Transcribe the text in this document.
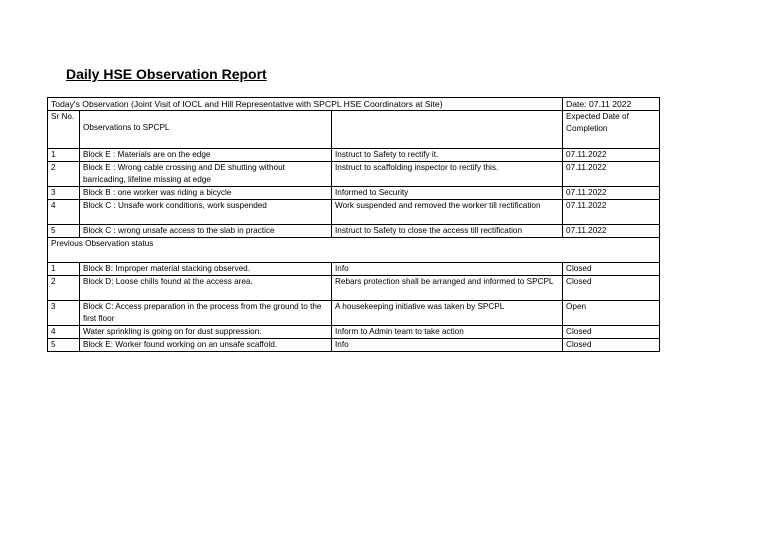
Daily HSE Observation Report
Today's Observation (Joint Visit of IOCL and Hill Representative with SPCPL HSE Coordinators at Site)			Date: 07.11 2022
Sr No.	Observations to SPCPL		Expected Date of Completion
1	Block E : Materials are on the edge	Instruct to Safety to rectify it.	07.11.2022
2	Block E : Wrong cable crossing and DE shutting without barricading, lifeline missing at edge	Instruct to scaffolding inspector to rectify this.	07.11.2022
3	Block B : one worker was riding a bicycle	Informed to Security	07.11.2022
4	Block C : Unsafe work conditions, work suspended	Work suspended and removed the worker till rectification	07.11.2022
5	Block C : wrong unsafe access to the slab in practice	Instruct to Safety to close the access till rectification	07.11.2022
Previous Observation status			
1	Block B: Improper material stacking observed.	Info	Closed
2	Block D: Loose chills found at the access area.	Rebars protection shall be arranged and informed to SPCPL	Closed
3	Block C: Access preparation in the process from the ground to the first floor	A housekeeping initiative was taken by SPCPL	Open
4	Water sprinkling is going on for dust suppression.	Inform to Admin team to take action	Closed
5	Block E: Worker found working on an unsafe scaffold.	Info	Closed
